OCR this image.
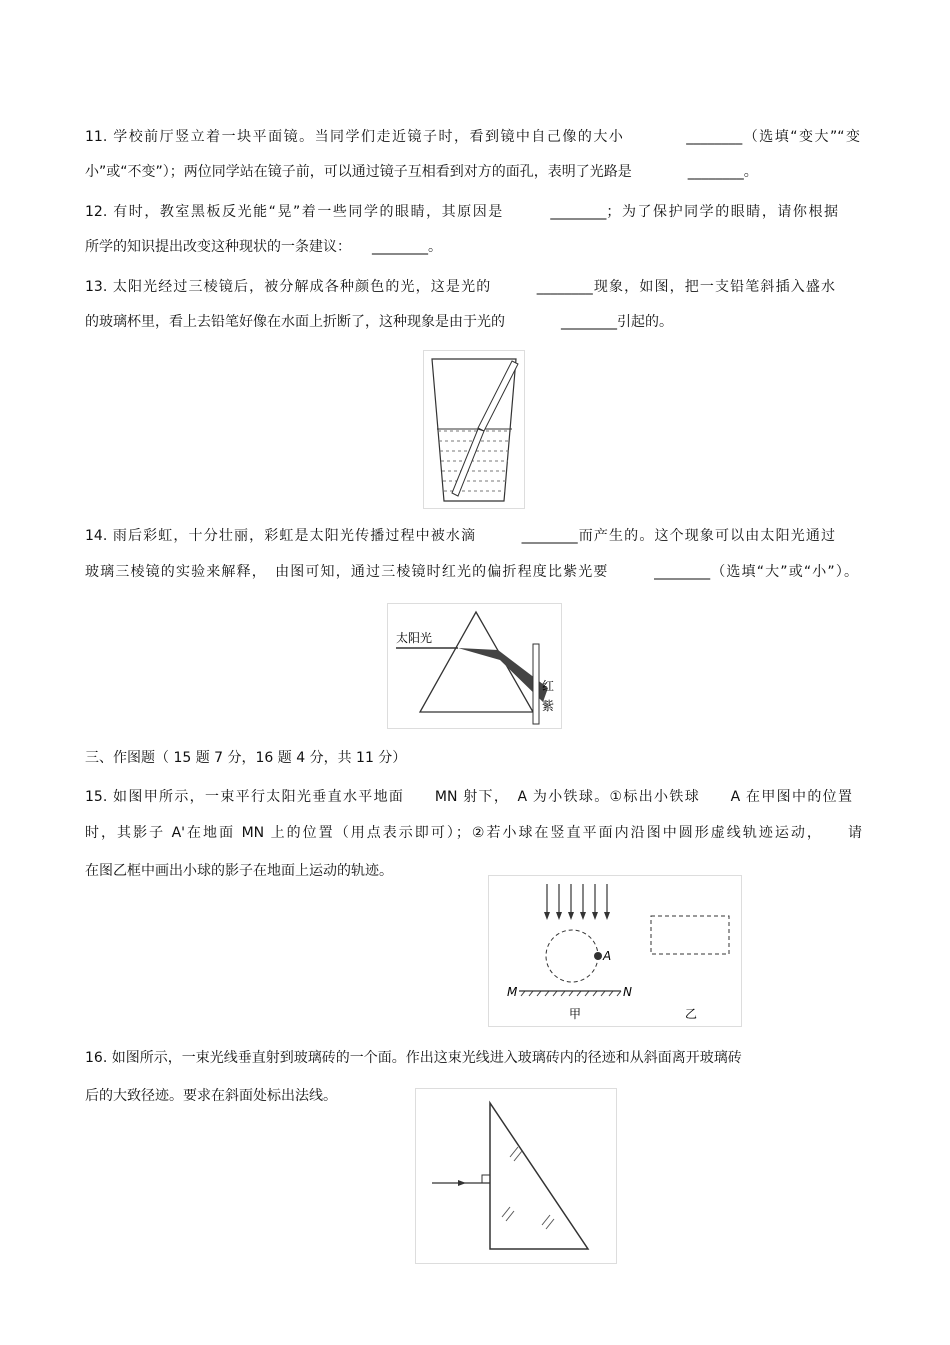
11. 学校前厅竖立着一块平面镜。当同学们走近镜子时，看到镜中自己像的大小　　　　________（选填“变大”“变
小”或“不变”）；两位同学站在镜子前，可以通过镜子互相看到对方的面孔，表明了光路是　　　　________。
12. 有时，教室黑板反光能“晃”着一些同学的眼睛，其原因是　　　________；为了保护同学的眼睛，请你根据
所学的知识提出改变这种现状的一条建议：　　________。
13. 太阳光经过三棱镜后，被分解成各种颜色的光，这是光的　　　________现象，如图，把一支铅笔斜插入盛水
的玻璃杯里，看上去铅笔好像在水面上折断了，这种现象是由于光的　　　　________引起的。
14. 雨后彩虹，十分壮丽，彩虹是太阳光传播过程中被水滴　　　________而产生的。这个现象可以由太阳光通过
玻璃三棱镜的实验来解释，　由图可知，通过三棱镜时红光的偏折程度比紫光要　　　________（选填“大”或“小”）。
太阳光
红
紫
三、作图题（ 15 题 7 分，16 题 4 分，共 11 分）
15. 如图甲所示，一束平行太阳光垂直水平地面　　MN 射下，　A 为小铁球。①标出小铁球　　A 在甲图中的位置
时，其影子 A'在地面 MN 上的位置（用点表示即可）；②若小球在竖直平面内沿图中圆形虚线轨迹运动，　　请
在图乙框中画出小球的影子在地面上运动的轨迹。
A
M	N
甲	乙
16. 如图所示，一束光线垂直射到玻璃砖的一个面。作出这束光线进入玻璃砖内的径迹和从斜面离开玻璃砖
后的大致径迹。要求在斜面处标出法线。
